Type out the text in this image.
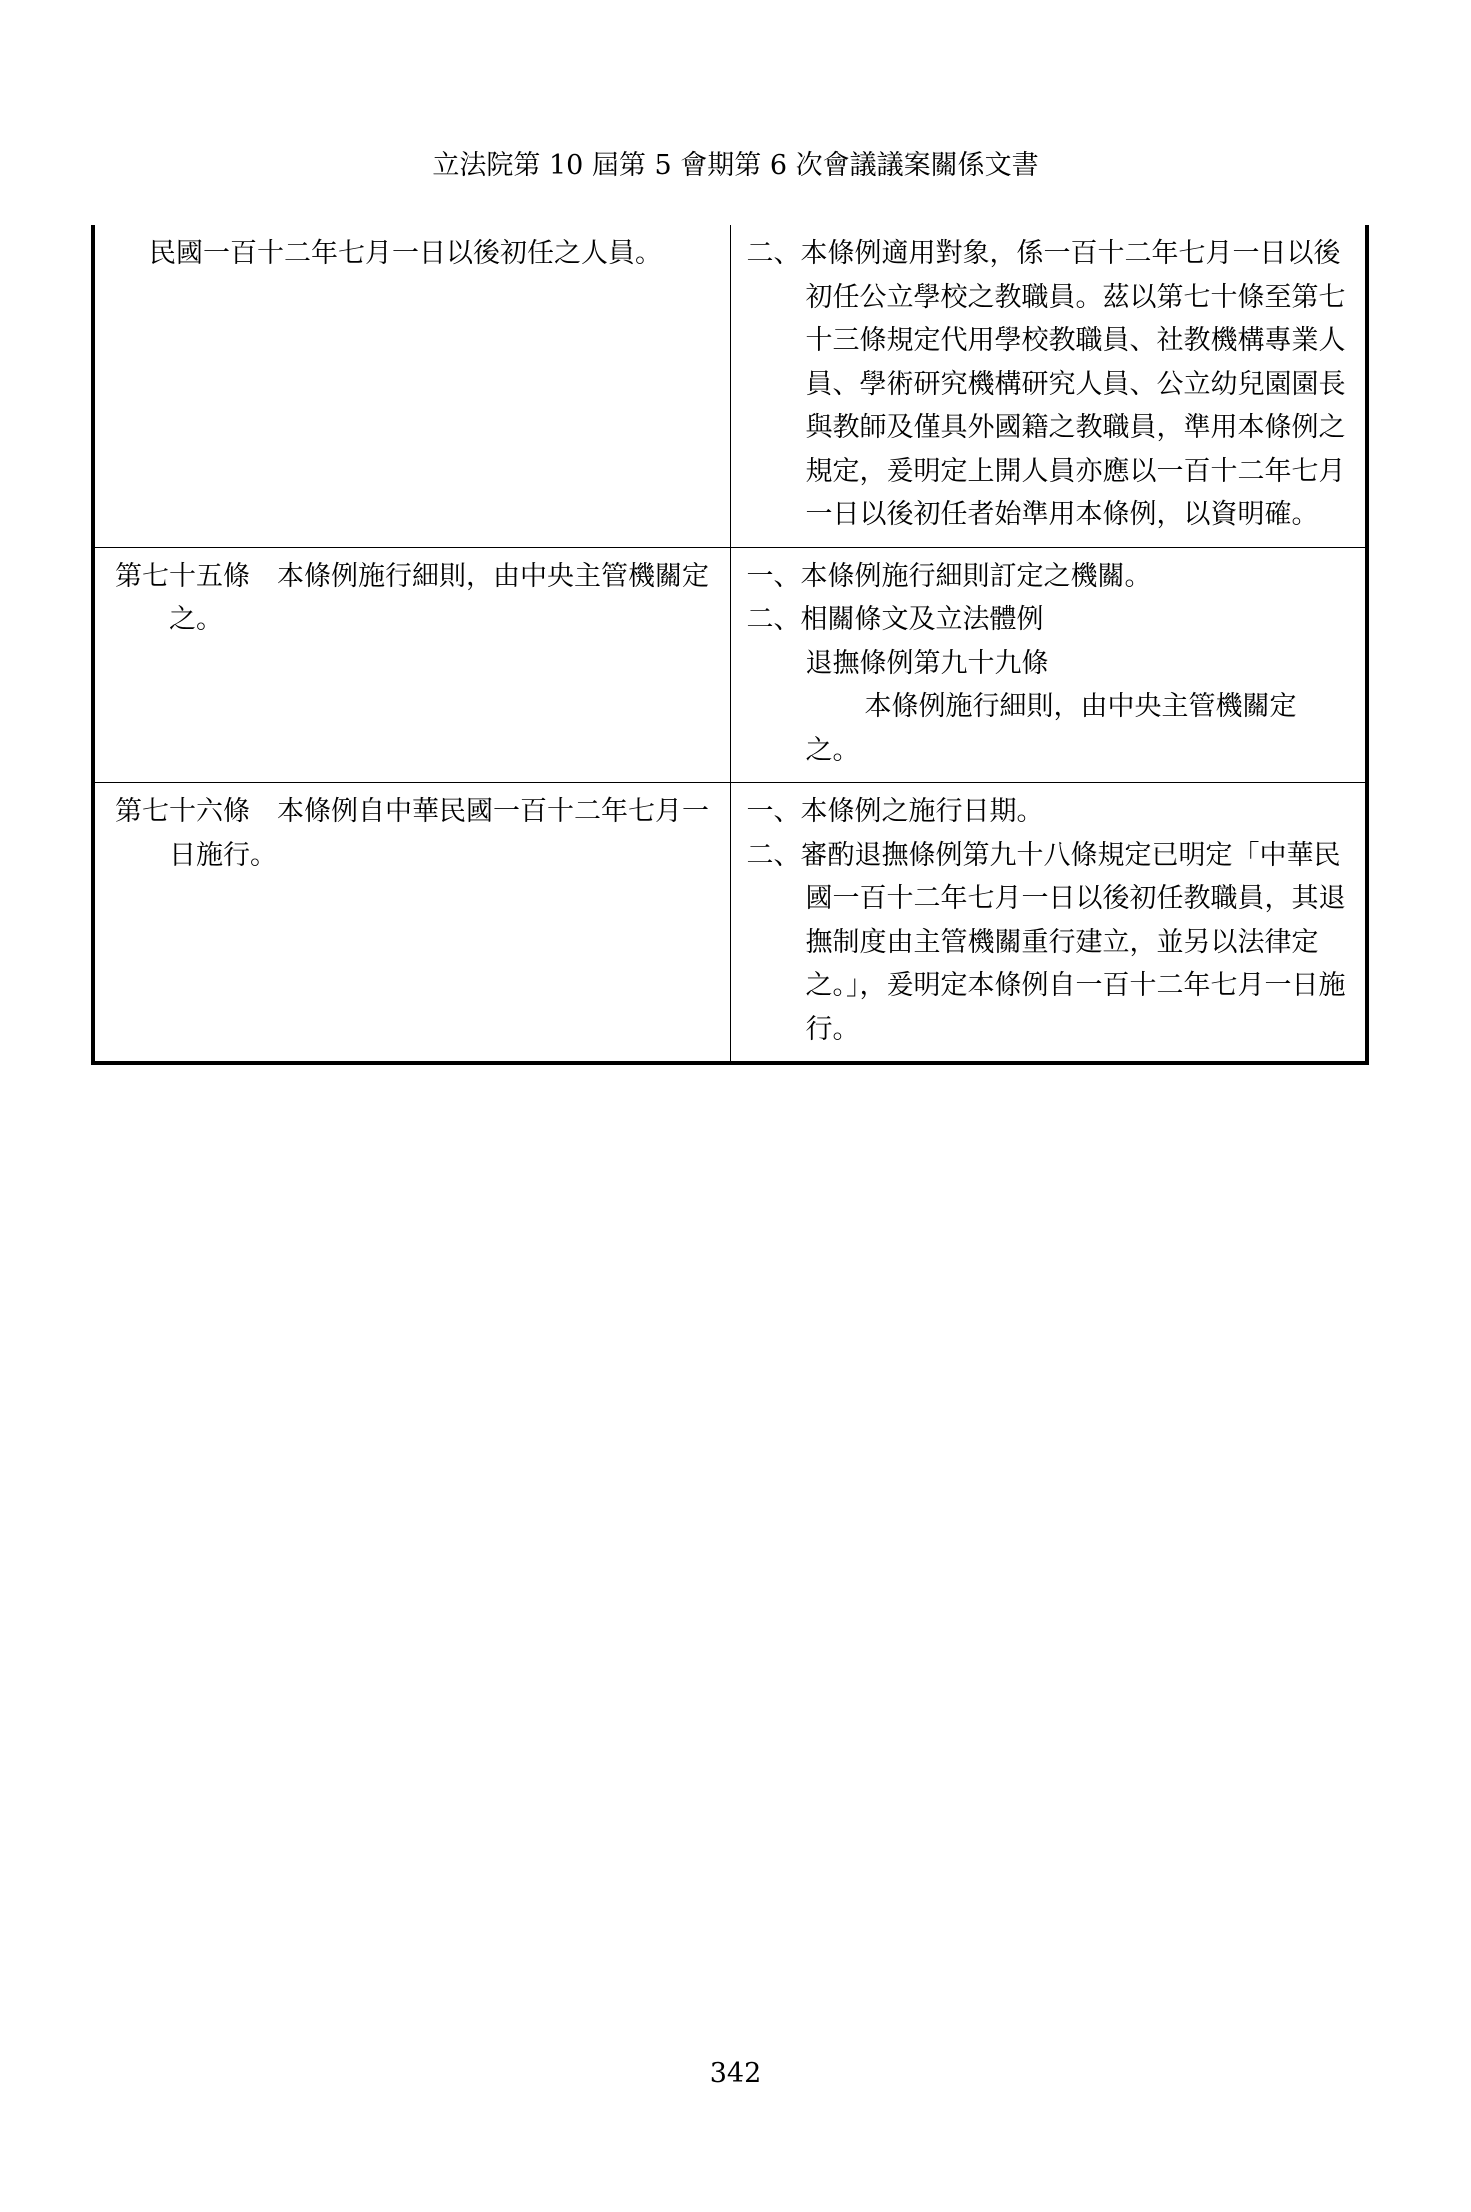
立法院第 10 屆第 5 會期第 6 次會議議案關係文書
民國一百十二年七月一日以後初任之人員。	二、本條例適用對象，係一百十二年七月一日以後初任公立學校之教職員。茲以第七十條至第七十三條規定代用學校教職員、社教機構專業人員、學術研究機構研究人員、公立幼兒園園長與教師及僅具外國籍之教職員，準用本條例之規定，爰明定上開人員亦應以一百十二年七月一日以後初任者始準用本條例，以資明確。

第七十五條　本條例施行細則，由中央主管機關定之。	一、本條例施行細則訂定之機關。
二、相關條文及立法體例
退撫條例第九十九條
本條例施行細則，由中央主管機關定之。

第七十六條　本條例自中華民國一百十二年七月一日施行。	一、本條例之施行日期。
二、審酌退撫條例第九十八條規定已明定「中華民國一百十二年七月一日以後初任教職員，其退撫制度由主管機關重行建立，並另以法律定之。」，爰明定本條例自一百十二年七月一日施行。
342
